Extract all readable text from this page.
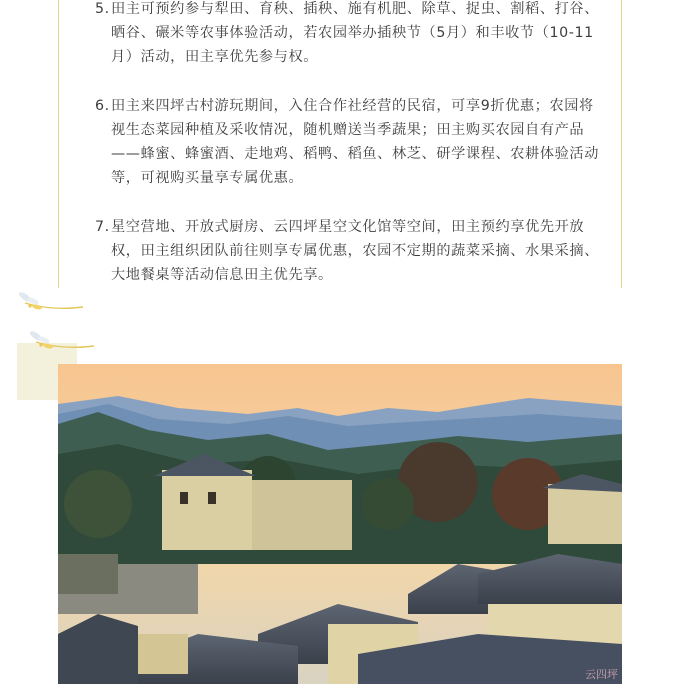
5.田主可预约参与犁田、育秧、插秧、施有机肥、除草、捉虫、割稻、打谷、晒谷、碾米等农事体验活动，若农园举办插秧节（5月）和丰收节（10-11月）活动，田主享优先参与权。

6.田主来四坪古村游玩期间，入住合作社经营的民宿，可享9折优惠；农园将视生态菜园种植及采收情况，随机赠送当季蔬果；田主购买农园自有产品——蜂蜜、蜂蜜酒、走地鸡、稻鸭、稻鱼、林芝、研学课程、农耕体验活动等，可视购买量享专属优惠。

7.星空营地、开放式厨房、云四坪星空文化馆等空间，田主预约享优先开放权，田主组织团队前往则享专属优惠，农园不定期的蔬菜采摘、水果采摘、大地餐桌等活动信息田主优先享。

云四坪
